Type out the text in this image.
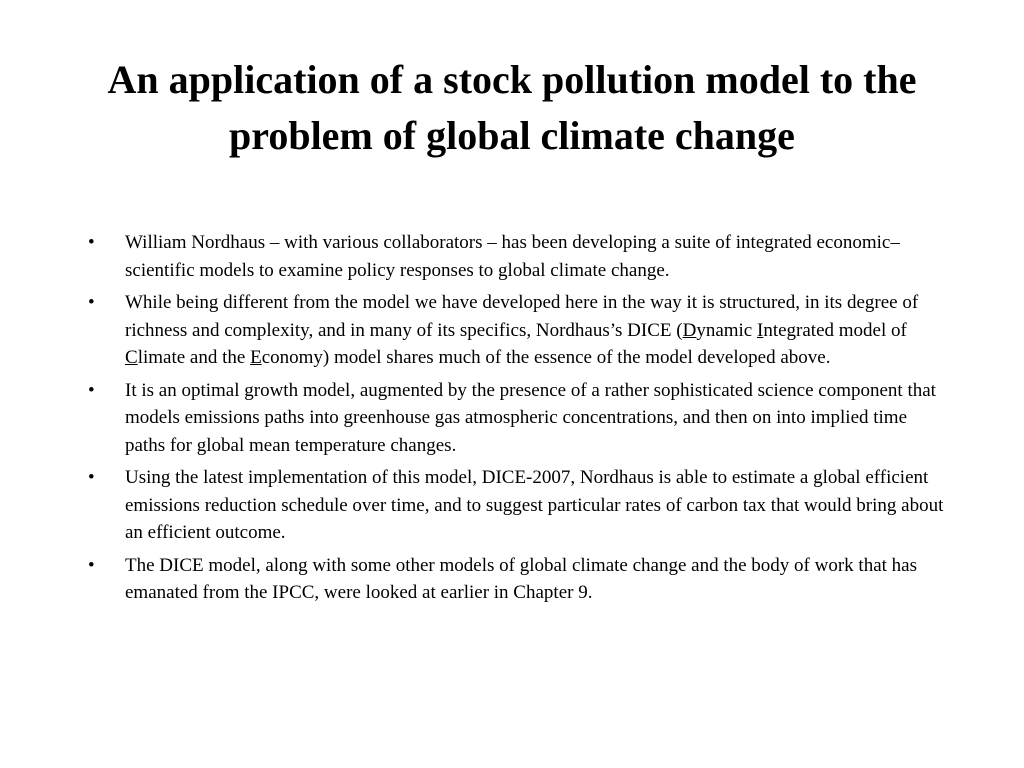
An application of a stock pollution model to the problem of global climate change
• William Nordhaus – with various collaborators – has been developing a suite of integrated economic–scientific models to examine policy responses to global climate change.
• While being different from the model we have developed here in the way it is structured, in its degree of richness and complexity, and in many of its specifics, Nordhaus’s DICE (Dynamic Integrated model of Climate and the Economy) model shares much of the essence of the model developed above.
• It is an optimal growth model, augmented by the presence of a rather sophisticated science component that models emissions paths into greenhouse gas atmospheric concentrations, and then on into implied time paths for global mean temperature changes.
• Using the latest implementation of this model, DICE-2007, Nordhaus is able to estimate a global efficient emissions reduction schedule over time, and to suggest particular rates of carbon tax that would bring about an efficient outcome.
• The DICE model, along with some other models of global climate change and the body of work that has emanated from the IPCC, were looked at earlier in Chapter 9.
